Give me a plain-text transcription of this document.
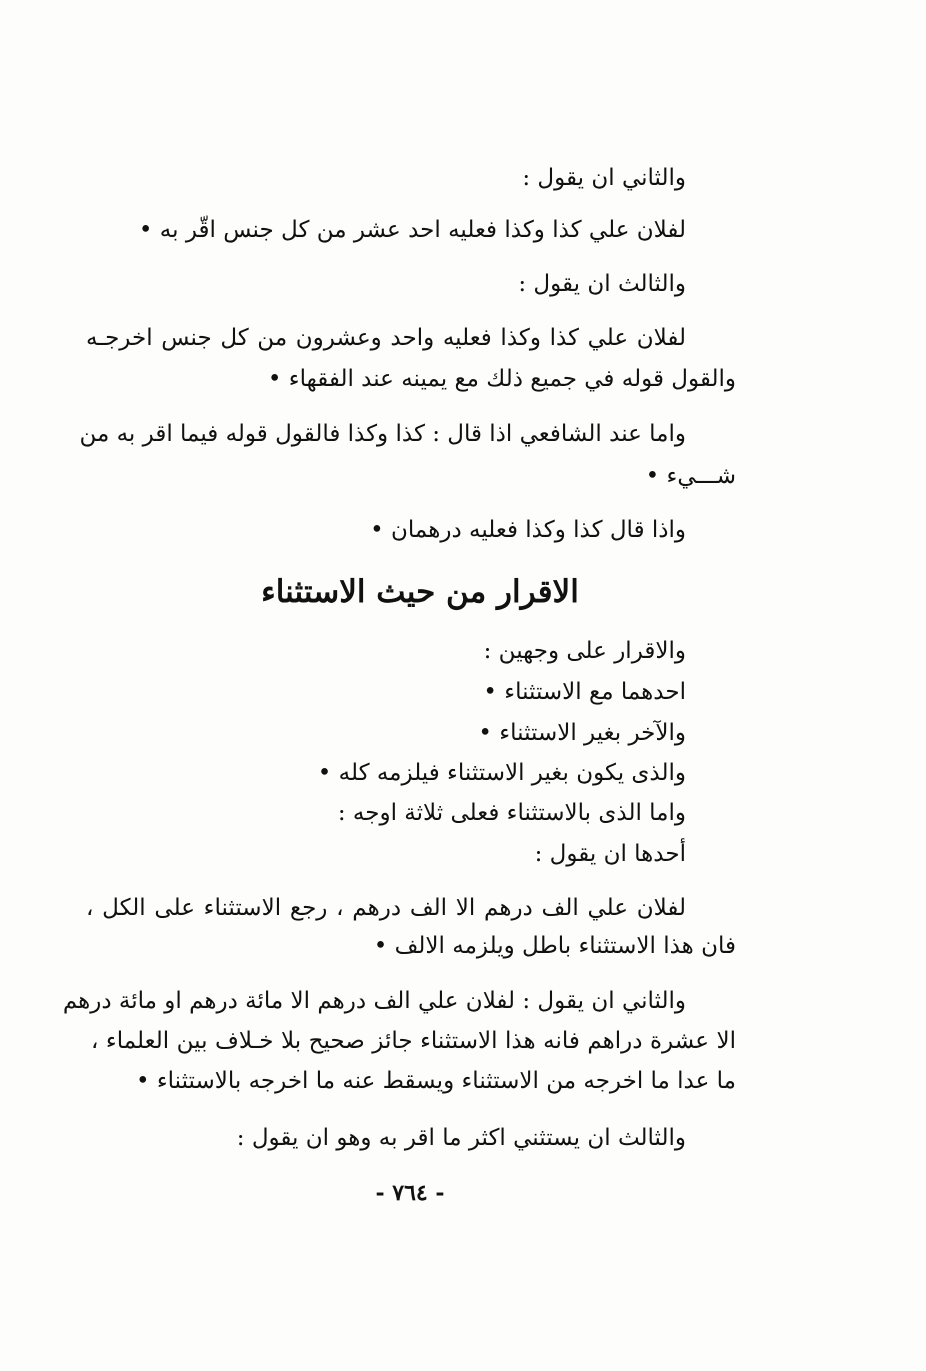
والثاني ان يقول :
لفلان علي كذا وكذا فعليه احد عشر من كل جنس اقّر به •
والثالث ان يقول :
لفلان علي كذا وكذا فعليه واحد وعشرون من كل جنس اخرجـه
والقول قوله في جميع ذلك مع يمينه عند الفقهاء •
واما عند الشافعي اذا قال : كذا وكذا فالقول قوله فيما اقر به من
شـــيء •
واذا قال كذا وكذا فعليه درهمان •
الاقرار من حيث الاستثناء
والاقرار على وجهين :
احدهما مع الاستثناء •
والآخر بغير الاستثناء •
والذى يكون بغير الاستثناء فيلزمه كله •
واما الذى بالاستثناء فعلى ثلاثة اوجه :
أحدها ان يقول :
لفلان علي الف درهم الا الف درهم ، رجع الاستثناء على الكل ،
فان هذا الاستثناء باطل ويلزمه الالف •
والثاني ان يقول : لفلان علي الف درهم الا مائة درهم او مائة درهم
الا عشرة دراهم فانه هذا الاستثناء جائز صحيح بلا خـلاف بين العلماء ،
ما عدا ما اخرجه من الاستثناء ويسقط عنه ما اخرجه بالاستثناء •
والثالث ان يستثني اكثر ما اقر به وهو ان يقول :
- ٧٦٤ -
